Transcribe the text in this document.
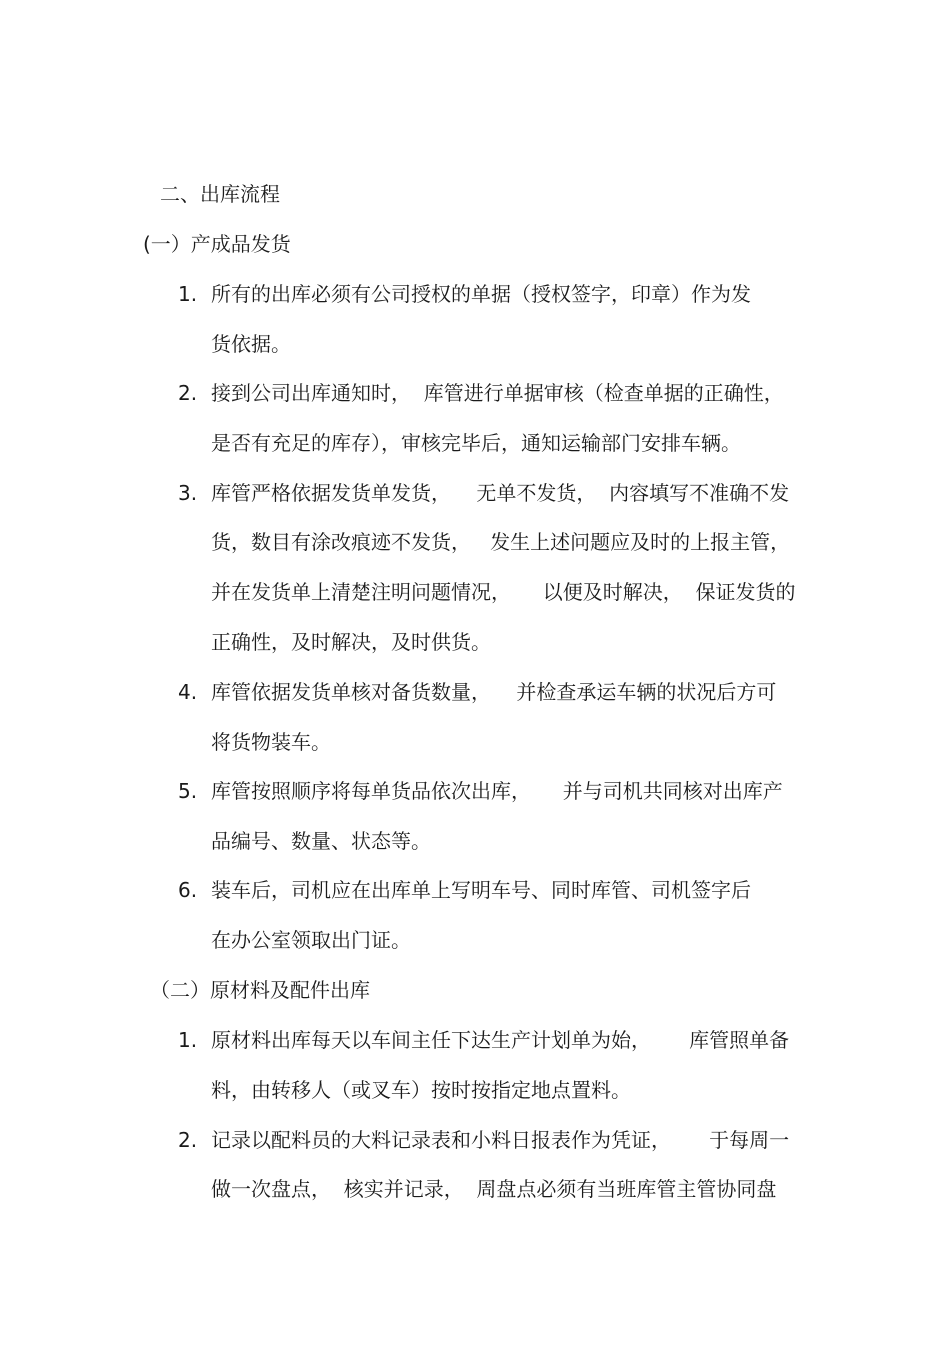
二、出库流程
(一）产成品发货
1. 所有的出库必须有公司授权的单据（授权签字，印章）作为发
货依据。
2. 接到公司出库通知时，  库管进行单据审核（检查单据的正确性，
是否有充足的库存），审核完毕后，通知运输部门安排车辆。
3. 库管严格依据发货单发货，    无单不发货，  内容填写不准确不发
货，数目有涂改痕迹不发货，   发生上述问题应及时的上报主管，
并在发货单上清楚注明问题情况，     以便及时解决，  保证发货的
正确性，及时解决，及时供货。
4. 库管依据发货单核对备货数量，    并检查承运车辆的状况后方可
将货物装车。
5. 库管按照顺序将每单货品依次出库，     并与司机共同核对出库产
品编号、数量、状态等。
6. 装车后，司机应在出库单上写明车号、同时库管、司机签字后
在办公室领取出门证。
（二）原材料及配件出库
1. 原材料出库每天以车间主任下达生产计划单为始，      库管照单备
料，由转移人（或叉车）按时按指定地点置料。
2. 记录以配料员的大料记录表和小料日报表作为凭证，      于每周一
做一次盘点，  核实并记录，  周盘点必须有当班库管主管协同盘
